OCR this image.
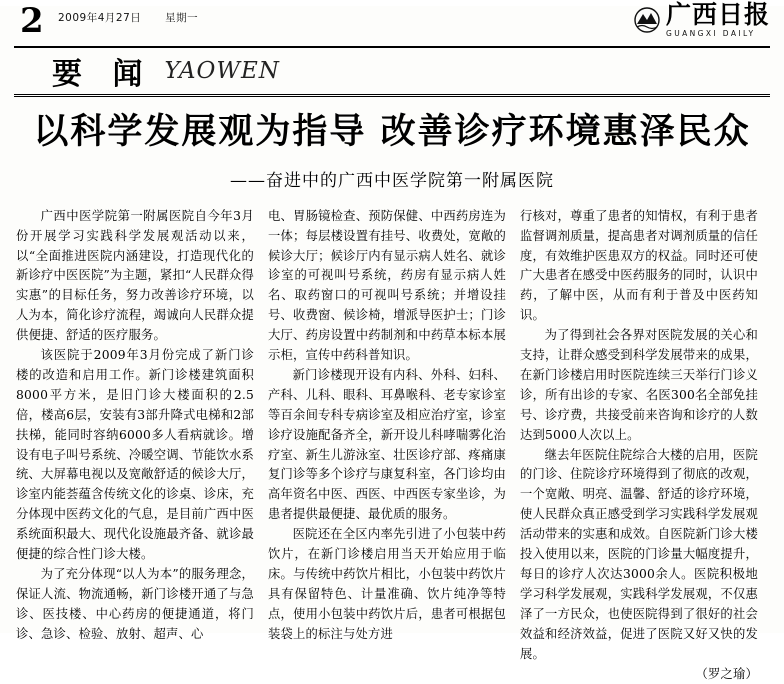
2 2009年4月27日 星期一	广西日报
GUANGXI DAILY
要 闻 YAOWEN
以科学发展观为指导 改善诊疗环境惠泽民众
——奋进中的广西中医学院第一附属医院

广西中医学院第一附属医院自今年3月份开展学习实践科学发展观活动以来，以“全面推进医院内涵建设，打造现代化的新诊疗中医医院”为主题，紧扣“人民群众得实惠”的目标任务，努力改善诊疗环境，以人为本，简化诊疗流程，竭诚向人民群众提供便捷、舒适的医疗服务。

该医院于2009年3月份完成了新门诊楼的改造和启用工作。新门诊楼建筑面积8000平方米，是旧门诊大楼面积的2.5倍，楼高6层，安装有3部升降式电梯和2部扶梯，能同时容纳6000多人看病就诊。增设有电子叫号系统、冷暖空调、节能饮水系统、大屏幕电视以及宽敞舒适的候诊大厅，诊室内能荟蕴含传统文化的诊桌、诊床，充分体现中医药文化的气息，是目前广西中医系统面积最大、现代化设施最齐备、就诊最便捷的综合性门诊大楼。

为了充分体现“以人为本”的服务理念，保证人流、物流通畅，新门诊楼开通了与急诊、医技楼、中心药房的便捷通道，将门诊、急诊、检验、放射、超声、心

电、胃肠镜检查、预防保健、中西药房连为一体；每层楼设置有挂号、收费处，宽敞的候诊大厅；候诊厅内有显示病人姓名、就诊诊室的可视叫号系统，药房有显示病人姓名、取药窗口的可视叫号系统；并增设挂号、收费窗、候诊椅，增派导医护士；门诊大厅、药房设置中药制剂和中药草本标本展示柜，宣传中药科普知识。

新门诊楼现开设有内科、外科、妇科、产科、儿科、眼科、耳鼻喉科、老专家诊室等百余间专科专病诊室及相应治疗室，诊室诊疗设施配备齐全，新开设儿科哮喘雾化治疗室、新生儿游泳室、壮医诊疗部、疼痛康复门诊等多个诊疗与康复科室，各门诊均由高年资名中医、西医、中西医专家坐诊，为患者提供最便捷、最优质的服务。

医院还在全区内率先引进了小包装中药饮片，在新门诊楼启用当天开始应用于临床。与传统中药饮片相比，小包装中药饮片具有保留特色、计量准确、饮片纯净等特点，使用小包装中药饮片后，患者可根据包装袋上的标注与处方进

行核对，尊重了患者的知情权，有利于患者监督调剂质量，提高患者对调剂质量的信任度，有效维护医患双方的权益。同时还可使广大患者在感受中医药服务的同时，认识中药，了解中医，从而有利于普及中医药知识。

为了得到社会各界对医院发展的关心和支持，让群众感受到科学发展带来的成果，在新门诊楼启用时医院连续三天举行门诊义诊，所有出诊的专家、名医300名全部免挂号、诊疗费，共接受前来咨询和诊疗的人数达到5000人次以上。

继去年医院住院综合大楼的启用，医院的门诊、住院诊疗环境得到了彻底的改观，一个宽敞、明亮、温馨、舒适的诊疗环境，使人民群众真正感受到学习实践科学发展观活动带来的实惠和成效。自医院新门诊大楼投入使用以来，医院的门诊量大幅度提升，每日的诊疗人次达3000余人。医院积极地学习科学发展观，实践科学发展观，不仅惠泽了一方民众，也使医院得到了很好的社会效益和经济效益，促进了医院又好又快的发展。

（罗之瑜）
